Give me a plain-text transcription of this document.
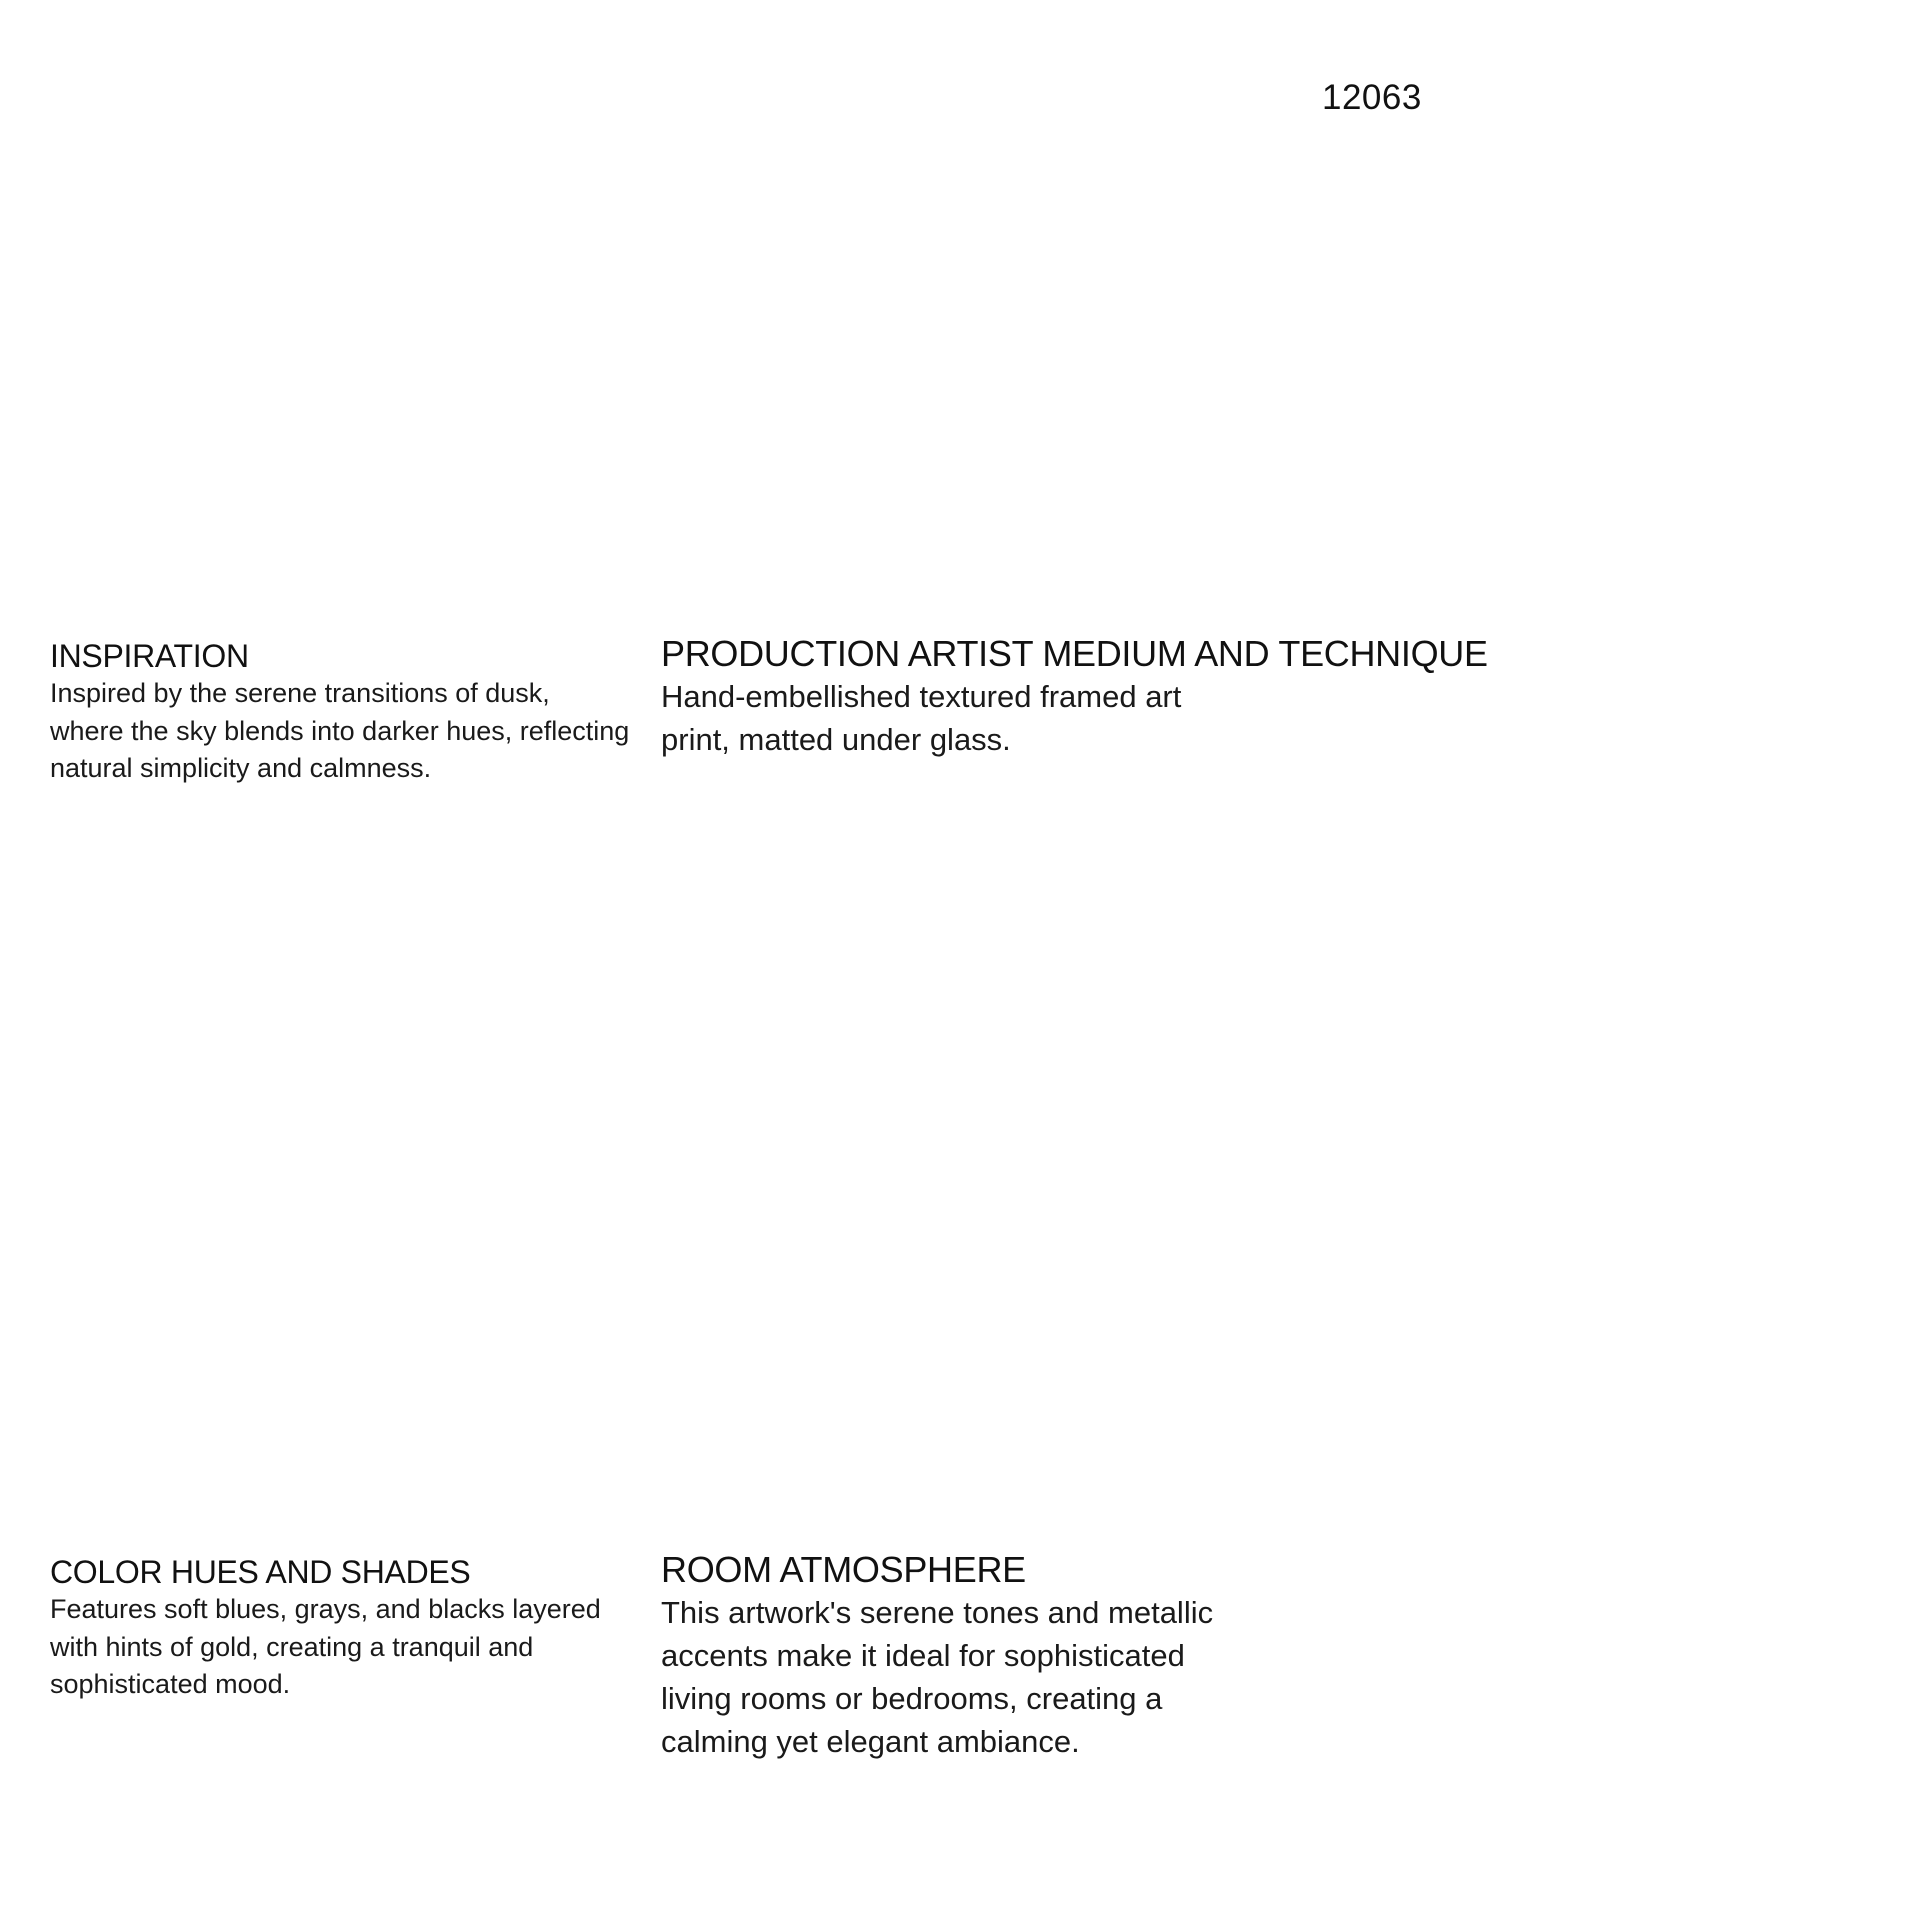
12063
INSPIRATION

Inspired by the serene transitions of dusk, where the sky blends into darker hues, reflecting natural simplicity and calmness.

PRODUCTION ARTIST MEDIUM AND TECHNIQUE

Hand-embellished textured framed art print, matted under glass.

COLOR HUES AND SHADES

Features soft blues, grays, and blacks layered with hints of gold, creating a tranquil and sophisticated mood.

ROOM ATMOSPHERE

This artwork's serene tones and metallic accents make it ideal for sophisticated living rooms or bedrooms, creating a calming yet elegant ambiance.
